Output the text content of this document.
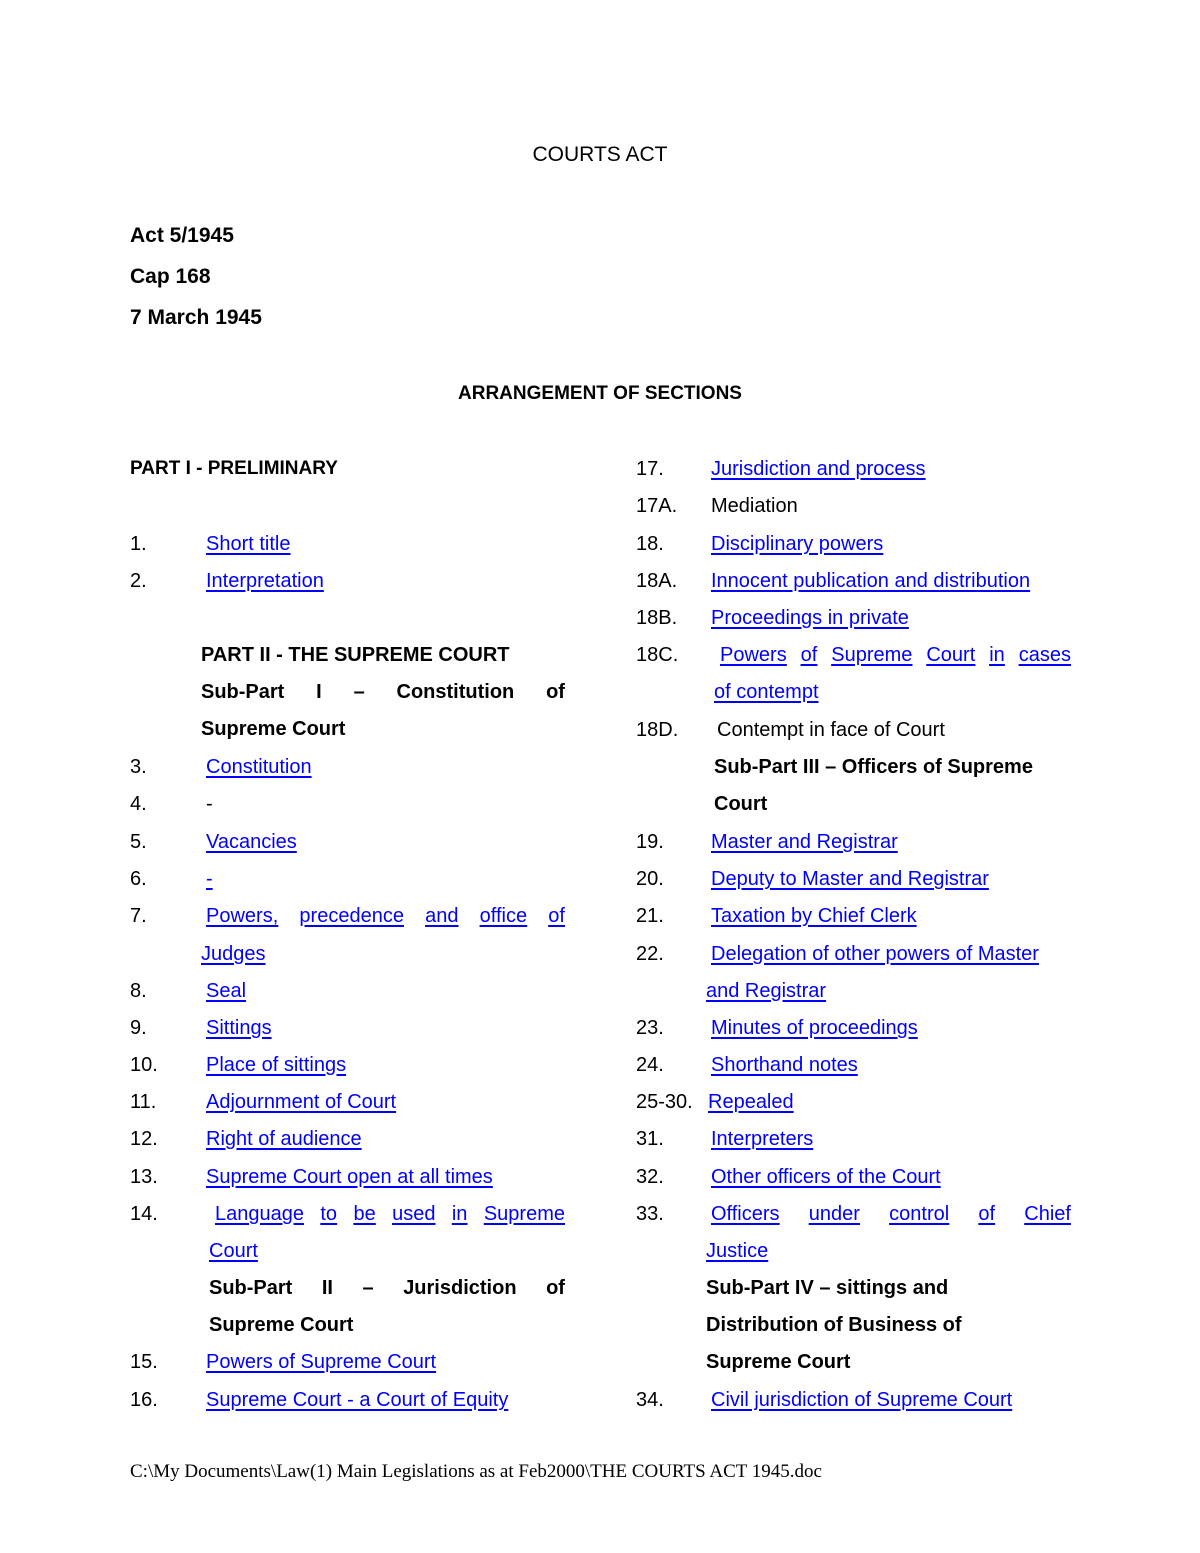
COURTS ACT
Act 5/1945
Cap 168
7 March 1945
ARRANGEMENT OF SECTIONS
PART I - PRELIMINARY
1.	Short title
2.	Interpretation
PART II - THE SUPREME COURT
Sub-Part I – Constitution of
Supreme Court
3.	Constitution
4.	-
5.	Vacancies
6.	-
7.	Powers, precedence and office of
Judges
8.	Seal
9.	Sittings
10. Place of sittings
11. Adjournment of Court
12. Right of audience
13. Supreme Court open at all times
14.	Language to be used in Supreme
Court
Sub-Part II – Jurisdiction of
Supreme Court
15. Powers of Supreme Court
16. Supreme Court - a Court of Equity
17. Jurisdiction and process
17A. Mediation
18. Disciplinary powers
18A. Innocent publication and distribution
18B. Proceedings in private
18C. Powers of Supreme Court in cases
of contempt
18D. Contempt in face of Court
Sub-Part III – Officers of Supreme
Court
19. Master and Registrar
20. Deputy to Master and Registrar
21. Taxation by Chief Clerk
22. Delegation of other powers of Master
and Registrar
23. Minutes of proceedings
24. Shorthand notes
25-30. Repealed
31. Interpreters
32. Other officers of the Court
33. Officers under control of Chief
Justice
Sub-Part IV – sittings and
Distribution of Business of
Supreme Court
34. Civil jurisdiction of Supreme Court
C:\My Documents\Law(1) Main Legislations as at Feb2000\THE COURTS ACT 1945.doc
